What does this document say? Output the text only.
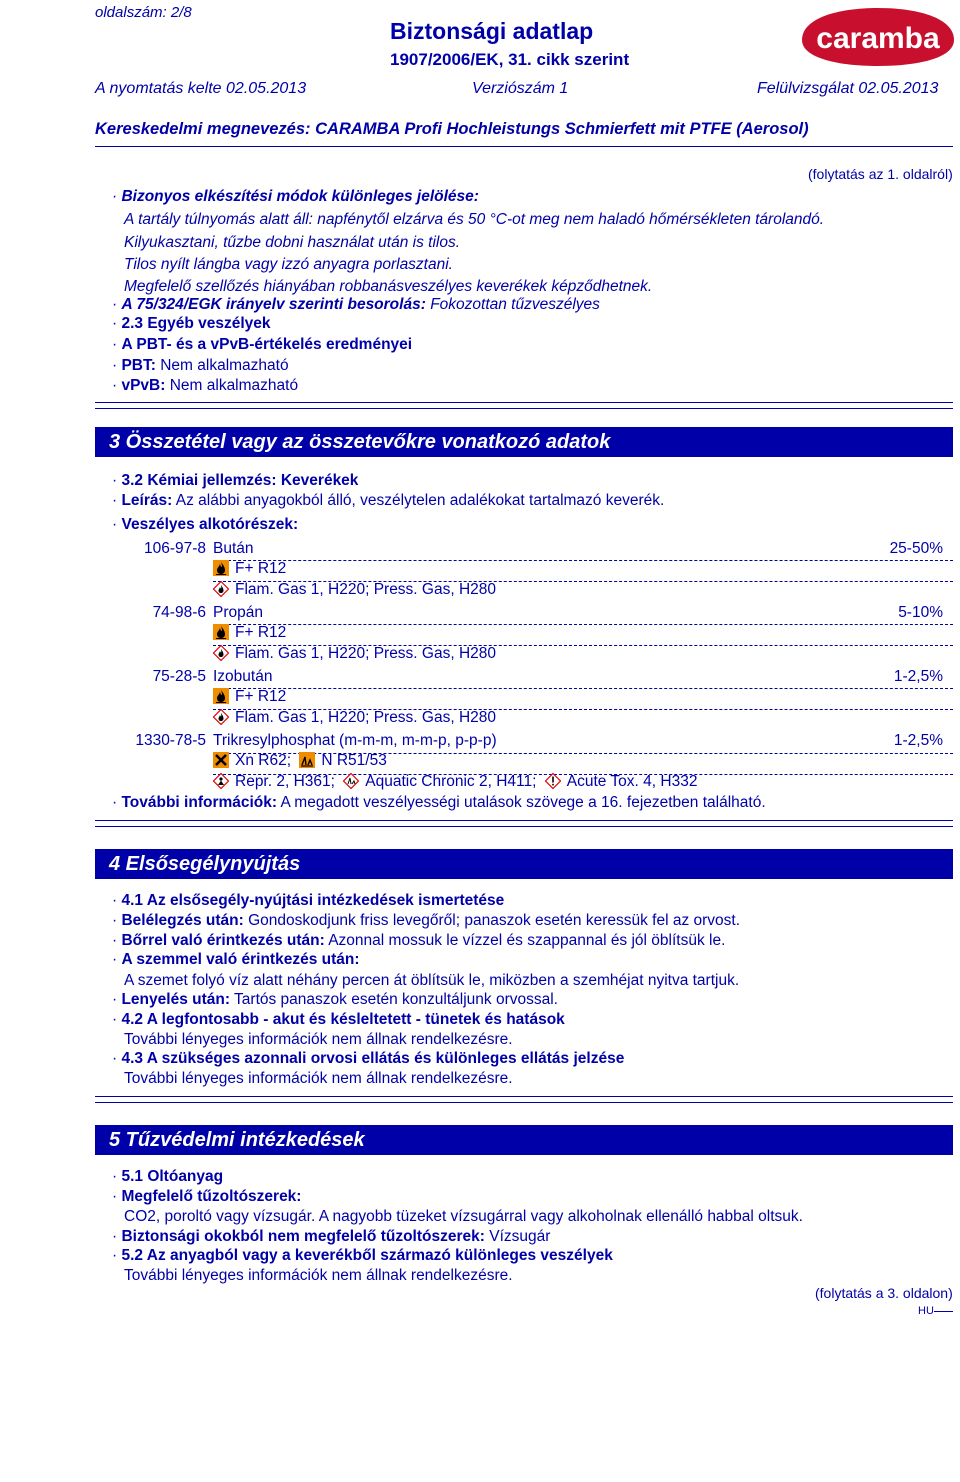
oldalszám: 2/8
Biztonsági adatlap
1907/2006/EK, 31. cikk szerint
caramba
A nyomtatás kelte 02.05.2013	Verziószám 1	Felülvizsgálat 02.05.2013
Kereskedelmi megnevezés: CARAMBA Profi Hochleistungs Schmierfett mit PTFE (Aerosol)
(folytatás az 1. oldalról)
· Bizonyos elkészítési módok különleges jelölése:
A tartály túlnyomás alatt áll: napfénytől elzárva és 50 °C-ot meg nem haladó hőmérsékleten tárolandó.
Kilyukasztani, tűzbe dobni használat után is tilos.
Tilos nyílt lángba vagy izzó anyagra porlasztani.
Megfelelő szellőzés hiányában robbanásveszélyes keverékek képződhetnek.
· A 75/324/EGK irányelv szerinti besorolás: Fokozottan tűzveszélyes
· 2.3 Egyéb veszélyek
· A PBT- és a vPvB-értékelés eredményei
· PBT: Nem alkalmazható
· vPvB: Nem alkalmazható
3 Összetétel vagy az összetevőkre vonatkozó adatok
· 3.2 Kémiai jellemzés: Keverékek
· Leírás: Az alábbi anyagokból álló, veszélytelen adalékokat tartalmazó keverék.
· Veszélyes alkotórészek:
106-97-8 Bután	25-50%
F+ R12
Flam. Gas 1, H220; Press. Gas, H280
74-98-6 Propán	5-10%
F+ R12
Flam. Gas 1, H220; Press. Gas, H280
75-28-5 Izobután	1-2,5%
F+ R12
Flam. Gas 1, H220; Press. Gas, H280
1330-78-5 Trikresylphosphat (m-m-m, m-m-p, p-p-p)	1-2,5%
Xn R62; N R51/53
Repr. 2, H361; Aquatic Chronic 2, H411; Acute Tox. 4, H332
· További információk: A megadott veszélyességi utalások szövege a 16. fejezetben található.
4 Elsősegélynyújtás
· 4.1 Az elsősegély-nyújtási intézkedések ismertetése
· Belélegzés után: Gondoskodjunk friss levegőről; panaszok esetén keressük fel az orvost.
· Bőrrel való érintkezés után: Azonnal mossuk le vízzel és szappannal és jól öblítsük le.
· A szemmel való érintkezés után:
A szemet folyó víz alatt néhány percen át öblítsük le, miközben a szemhéjat nyitva tartjuk.
· Lenyelés után: Tartós panaszok esetén konzultáljunk orvossal.
· 4.2 A legfontosabb - akut és késleltetett - tünetek és hatások
További lényeges információk nem állnak rendelkezésre.
· 4.3 A szükséges azonnali orvosi ellátás és különleges ellátás jelzése
További lényeges információk nem állnak rendelkezésre.
5 Tűzvédelmi intézkedések
· 5.1 Oltóanyag
· Megfelelő tűzoltószerek:
CO2, poroltó vagy vízsugár. A nagyobb tüzeket vízsugárral vagy alkoholnak ellenálló habbal oltsuk.
· Biztonsági okokból nem megfelelő tűzoltószerek: Vízsugár
· 5.2 Az anyagból vagy a keverékből származó különleges veszélyek
További lényeges információk nem állnak rendelkezésre.
(folytatás a 3. oldalon)
HU
